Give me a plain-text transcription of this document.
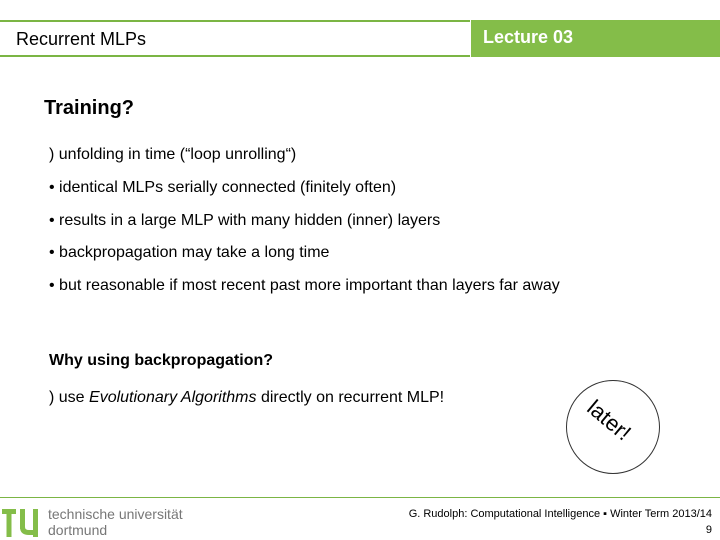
Recurrent MLPs	Lecture 03
Training?
) unfolding in time (“loop unrolling“)
• identical MLPs serially connected (finitely often)
• results in a large MLP with many hidden (inner) layers
• backpropagation may take a long time
• but reasonable if most recent past more important than layers far away
Why using backpropagation?
) use Evolutionary Algorithms directly on recurrent MLP!	later!
technische universität
dortmund
G. Rudolph: Computational Intelligence ▪ Winter Term 2013/14
9
